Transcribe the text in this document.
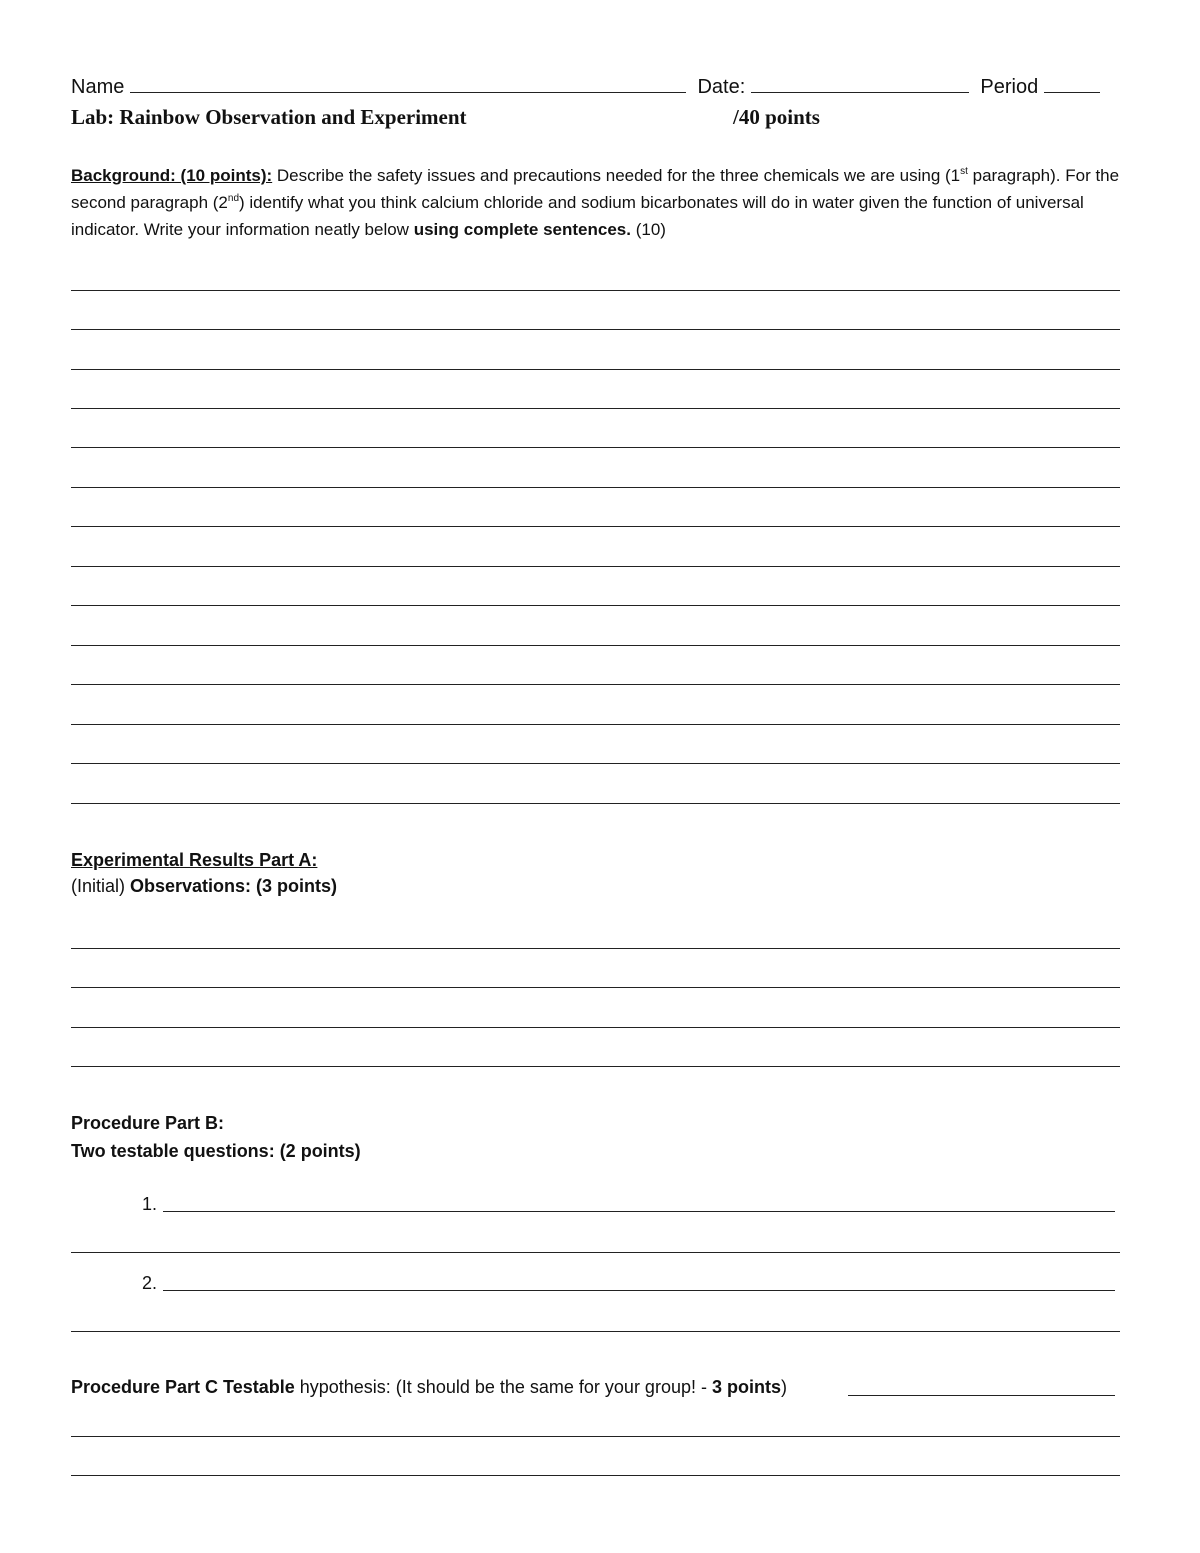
Name	Date:	Period
Lab: Rainbow Observation and Experiment	/40 points
Background: (10 points): Describe the safety issues and precautions needed for the three chemicals we are using (1st paragraph). For the second paragraph (2nd) identify what you think calcium chloride and sodium bicarbonates will do in water given the function of universal indicator. Write your information neatly below using complete sentences. (10)
Experimental Results Part A:
(Initial) Observations: (3 points)
Procedure Part B:
Two testable questions: (2 points)
1.
2.
Procedure Part C Testable hypothesis: (It should be the same for your group! - 3 points)
